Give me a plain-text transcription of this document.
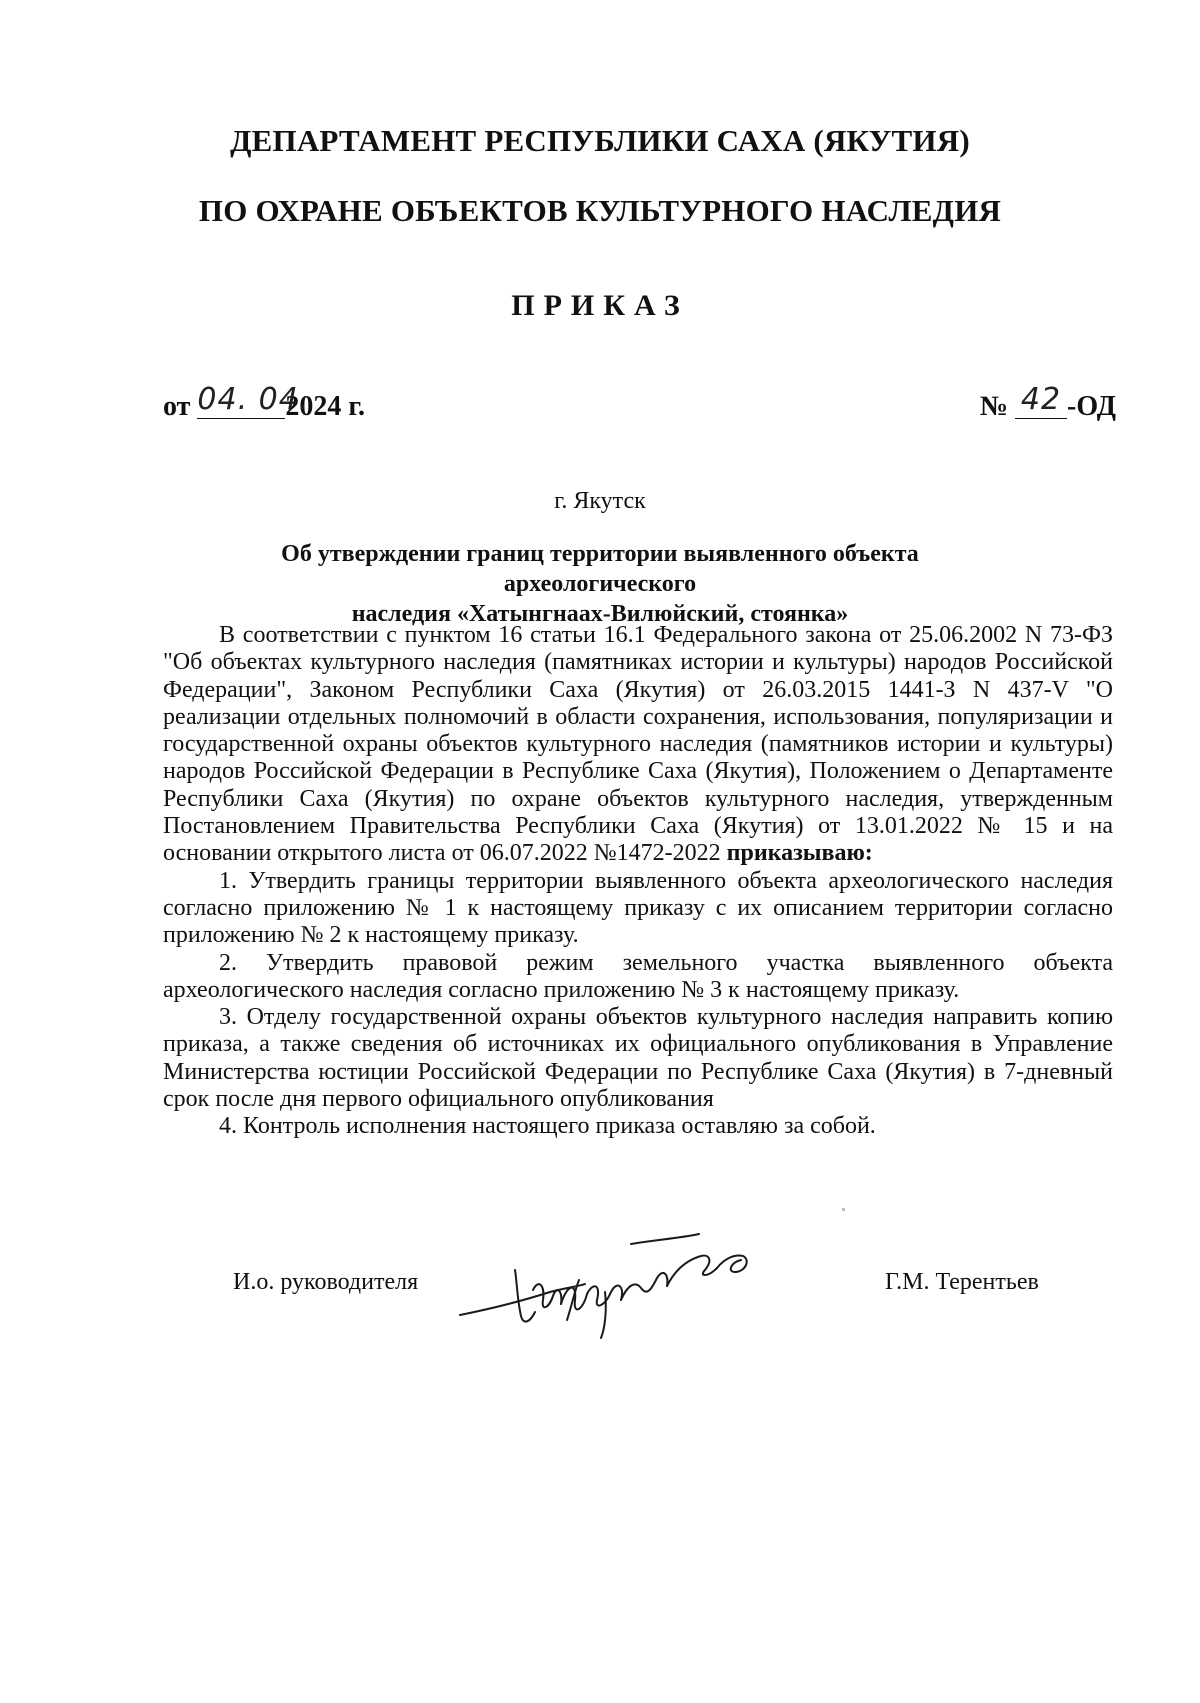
ДЕПАРТАМЕНТ РЕСПУБЛИКИ САХА (ЯКУТИЯ)
ПО ОХРАНЕ ОБЪЕКТОВ КУЛЬТУРНОГО НАСЛЕДИЯ
ПРИКАЗ
от 04. 04.
2024 г.	№ 42 -ОД
г. Якутск
Об утверждении границ территории выявленного объекта археологического
наследия «Хатынгнаах-Вилюйский, стоянка»

В соответствии с пунктом 16 статьи 16.1 Федерального закона от 25.06.2002 N 73-ФЗ "Об объектах культурного наследия (памятниках истории и культуры) народов Российской Федерации", Законом Республики Саха (Якутия) от 26.03.2015 1441-З N 437-V "О реализации отдельных полномочий в области сохранения, использования, популяризации и государственной охраны объектов культурного наследия (памятников истории и культуры) народов Российской Федерации в Республике Саха (Якутия), Положением о Департаменте Республики Саха (Якутия) по охране объектов культурного наследия, утвержденным Постановлением Правительства Республики Саха (Якутия) от 13.01.2022 № 15 и на основании открытого листа от 06.07.2022 №1472-2022 приказываю:

1. Утвердить границы территории выявленного объекта археологического наследия согласно приложению № 1 к настоящему приказу с их описанием территории согласно приложению № 2 к настоящему приказу.

2. Утвердить правовой режим земельного участка выявленного объекта археологического наследия согласно приложению № 3 к настоящему приказу.

3. Отделу государственной охраны объектов культурного наследия направить копию приказа, а также сведения об источниках их официального опубликования в Управление Министерства юстиции Российской Федерации по Республике Саха (Якутия) в 7-дневный срок после дня первого официального опубликования

4. Контроль исполнения настоящего приказа оставляю за собой.

И.о. руководителя	Г.М. Терентьев
